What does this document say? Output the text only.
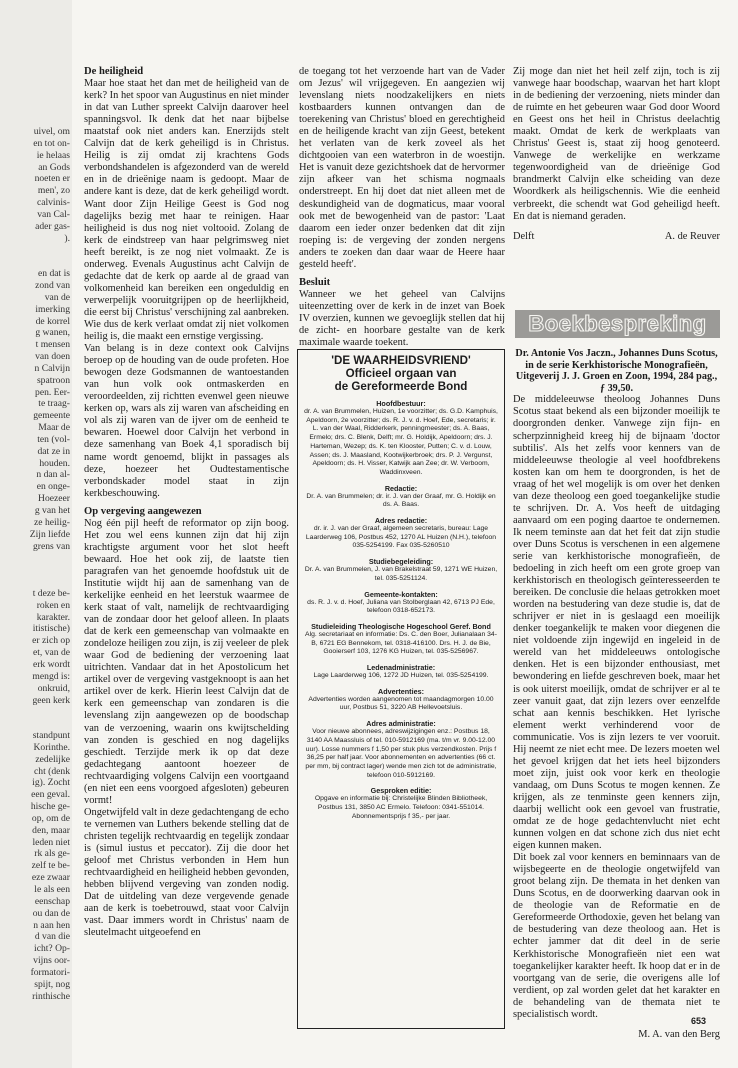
uivel, om
en tot on-
ie helaas
an Gods
noeten er
men', zo
calvinis-
van Cal-
ader gas-
).

en dat is
zond van
van de
imerking
de korrel
g wanen,
t mensen
van doen
n Calvijn
spatroon
pen. Eer-
te traag-
gemeente
Maar de
ten (vol-
dat ze in
houden.
n dan al-
en onge-
Hoezeer
g van het
ze heilig-
Zijn liefde
grens van

t deze be-
roken en
karakter.
itistische)
er zich op
et, van de
erk wordt
mengd is:
onkruid,
geen kerk

standpunt
Korinthe.
zedelijke
cht (denk
ig). Zocht
een geval.
hische ge-
op, om de
den, maar
leden niet
rk als ge-
zelf te be-
eze zwaar
le als een
eenschap
ou dan de
n aan hen
d van die
icht? Op-
vijns oor-
formatori-
spijt, nog
rinthische
De heiligheid

Maar hoe staat het dan met de heiligheid van de kerk? In het spoor van Augustinus en niet minder in dat van Luther spreekt Calvijn daarover heel spanningsvol. Ik denk dat het naar bijbelse maatstaf ook niet anders kan. Enerzijds stelt Calvijn dat de kerk geheiligd is in Christus. Heilig is zij omdat zij krachtens Gods verbondshandelen is afgezonderd van de wereld en in de drieënige naam is gedoopt. Maar de andere kant is deze, dat de kerk geheiligd wordt. Want door Zijn Heilige Geest is God nog dagelijks bezig met haar te reinigen. Haar heiligheid is dus nog niet voltooid. Zolang de kerk de eindstreep van haar pelgrimsweg niet heeft bereikt, is ze nog niet volmaakt. Ze is onderweg. Evenals Augustinus acht Calvijn de gedachte dat de kerk op aarde al de graad van volkomenheid kan bereiken een ongeduldig en verwerpelijk vooruitgrijpen op de heerlijkheid, die eerst bij Christus' verschijning zal aanbreken. Wie dus de kerk verlaat omdat zij niet volkomen heilig is, die maakt een ernstige vergissing.

Van belang is in deze context ook Calvijns beroep op de houding van de oude profeten. Hoe bewogen deze Godsmannen de wantoestanden van hun volk ook ontmaskerden en veroordeelden, zij richtten evenwel geen nieuwe kerken op, wars als zij waren van afscheiding en vol als zij waren van de ijver om de eenheid te bewaren. Hoewel door Calvijn het verbond in deze samenhang van Boek 4,1 sporadisch bij name wordt genoemd, blijkt in passages als deze, hoezeer het Oudtestamentische verbondskader model staat in zijn kerkbeschouwing.

Op vergeving aangewezen

Nog één pijl heeft de reformator op zijn boog. Het zou wel eens kunnen zijn dat hij zijn krachtigste argument voor het slot heeft bewaard. Hoe het ook zij, de laatste tien paragrafen van het genoemde hoofdstuk uit de Institutie wijdt hij aan de samenhang van de kerkelijke eenheid en het leerstuk waarmee de kerk staat of valt, namelijk de rechtvaardiging van de zondaar door het geloof alleen. In plaats dat de kerk een gemeenschap van volmaakte en zondeloze heiligen zou zijn, is zij veeleer de plek waar God de bediening der verzoening laat uitrichten. Vandaar dat in het Apostolicum het artikel over de vergeving vastgeknoopt is aan het artikel over de kerk. Hierin leest Calvijn dat de kerk een gemeenschap van zondaren is die levenslang zijn aangewezen op de boodschap van de verzoening, waarin ons kwijtschelding van zonden is geschied en nog dagelijks geschiedt. Terzijde merk ik op dat deze gedachtegang aantoont hoezeer de rechtvaardiging volgens Calvijn een voortgaand (en niet een eens voorgoed afgesloten) gebeuren vormt!

Ongetwijfeld valt in deze gedachtengang de echo te vernemen van Luthers bekende stelling dat de christen tegelijk rechtvaardig en tegelijk zondaar is (simul iustus et peccator). Zij die door het geloof met Christus verbonden in Hem hun rechtvaardigheid en heiligheid hebben gevonden, hebben blijvend vergeving van zonden nodig. Dat de uitdeling van deze vergevende genade aan de kerk is toebetrouwd, staat voor Calvijn vast. Daar immers wordt in Christus' naam de sleutelmacht uitgeoefend en

de toegang tot het verzoende hart van de Vader om Jezus' wil vrijgegeven. En aangezien wij levenslang niets noodzakelijkers en niets kostbaarders kunnen ontvangen dan de toerekening van Christus' bloed en gerechtigheid en de heiligende kracht van zijn Geest, betekent het verlaten van de kerk zoveel als het dichtgooien van een waterbron in de woestijn. Het is vanuit deze gezichtshoek dat de hervormer zijn afkeer van het schisma nogmaals onderstreept. En hij doet dat niet alleen met de deskundigheid van de dogmaticus, maar vooral ook met de bewogenheid van de pastor: 'Laat daarom een ieder onzer bedenken dat dit zijn roeping is: de vergeving der zonden nergens anders te zoeken dan daar waar de Heere haar gesteld heeft'.

Besluit

Wanneer we het geheel van Calvijns uiteenzetting over de kerk in de inzet van Boek IV overzien, kunnen we gevoeglijk stellen dat hij de zicht- en hoorbare gestalte van de kerk maximale waarde toekent.

'DE WAARHEIDSVRIEND'
Officieel orgaan van
de Gereformeerde Bond
Hoofdbestuur:
dr. A. van Brummelen, Huizen, 1e voorzitter; ds. G.D. Kamphuis, Apeldoorn, 2e voorzitter; ds. R. J. v. d. Hoef, Ede, secretaris; ir. L. van der Waal, Ridderkerk, penningmeester; ds. A. Baas, Ermelo; drs. C. Blenk, Delft; mr. G. Holdijk, Apeldoorn; drs. J. Harteman, Wezep; ds. K. ten Klooster, Putten; C. v. d. Louw, Assen; ds. J. Maasland, Kootwijkerbroek; drs. P. J. Vergunst, Apeldoorn; ds. H. Visser, Katwijk aan Zee; dr. W. Verboom, Waddinxveen.
Redactie:
Dr. A. van Brummelen; dr. ir. J. van der Graaf, mr. G. Holdijk en ds. A. Baas.
Adres redactie:
dr. ir. J. van der Graaf, algemeen secretaris, bureau: Lage Laarderweg 106, Postbus 452, 1270 AL Huizen (N.H.), telefoon 035-5254199. Fax 035-5260510
Studiebegeleiding:
Dr. A. van Brummelen, J. van Brakelstraat 59, 1271 WE Huizen, tel. 035-5251124.
Gemeente-kontakten:
ds. R. J. v. d. Hoef, Juliana van Stolberglaan 42, 6713 PJ Ede, telefoon 0318-652173.
Studieleiding Theologische Hogeschool Geref. Bond
Alg. secretariaat en informatie: Ds. C. den Boer, Julianalaan 34-B, 6721 EG Bennekom, tel. 0318-416100. Drs. H. J. de Bie, Gooierserf 103, 1276 KG Huizen, tel. 035-5256967.
Ledenadministratie:
Lage Laarderweg 106, 1272 JD Huizen, tel. 035-5254199.
Advertenties:
Advertenties worden aangenomen tot maandagmorgen 10.00 uur, Postbus 51, 3220 AB Hellevoetsluis.
Adres administratie:
Voor nieuwe abonnees, adreswijzigingen enz.: Postbus 18, 3140 AA Maassluis of tel. 010-5912169 (ma. t/m vr. 9.00-12.00 uur). Losse nummers f 1,50 per stuk plus verzendkosten. Prijs f 36,25 per half jaar. Voor abonnementen en advertenties (66 ct. per mm, bij contract lager) wende men zich tot de administratie, telefoon 010-5912169.
Gesproken editie:
Opgave en informatie bij: Christelijke Blinden Bibliotheek, Postbus 131, 3850 AC Ermelo. Telefoon: 0341-551014. Abonnementsprijs f 35,- per jaar.

Zij moge dan niet het heil zelf zijn, toch is zij vanwege haar boodschap, waarvan het hart klopt in de bediening der verzoening, niets minder dan de ruimte en het gebeuren waar God door Woord en Geest ons het heil in Christus deelachtig maakt. Omdat de kerk de werkplaats van Christus' Geest is, staat zij hoog genoteerd. Vanwege de werkelijke en werkzame tegenwoordigheid van de drieënige God brandmerkt Calvijn elke scheiding van deze Woordkerk als heiligschennis. Wie die eenheid verbreekt, die schendt wat God geheiligd heeft. En dat is niemand geraden.

Delft	A. de Reuver
Boekbespreking
Dr. Antonie Vos Jaczn., Johannes Duns Scotus, in de serie Kerkhistorische Monografieën, Uitgeverij J. J. Groen en Zoon, 1994, 284 pag., ƒ 39,50.

De middeleeuwse theoloog Johannes Duns Scotus staat bekend als een bijzonder moeilijk te doorgronden denker. Vanwege zijn fijn- en scherpzinnigheid kreeg hij de bijnaam 'doctor subtilis'. Als het zelfs voor kenners van de middeleeuwse theologie al veel hoofdbrekens kosten kan om hem te doorgronden, is het de vraag of het wel mogelijk is om over het denken van deze theoloog een goed toegankelijke studie te schrijven. Dr. A. Vos heeft de uitdaging aanvaard om een poging daartoe te ondernemen. Ik neem teminste aan dat het feit dat zijn studie over Duns Scotus is verschenen in een algemene serie van kerkhistorische monografieën, de bedoeling in zich heeft om een grote groep van kerkhistorisch en theologisch geïnteresseerden te bereiken. De conclusie die helaas getrokken moet worden na bestudering van deze studie is, dat de schrijver er niet in is geslaagd een moeilijk denker toegankelijk te maken voor diegenen die niet voldoende zijn ingewijd en ingeleid in de wereld van het middeleeuws ontologische denken. Het is een bijzonder enthousiast, met bewondering en liefde geschreven boek, maar het is ook uiterst moeilijk, omdat de schrijver er al te zeer vanuit gaat, dat zijn lezers over eenzelfde schat aan kennis beschikken. Het lyrische element werkt verhinderend voor de communicatie. Vos is zijn lezers te ver vooruit. Hij neemt ze niet echt mee. De lezers moeten wel het gevoel krijgen dat het iets heel bijzonders moet zijn, juist ook voor kerk en theologie vandaag, om Duns Scotus te mogen kennen. Ze krijgen, als ze tenminste geen kenners zijn, daarbij wellicht ook een gevoel van frustratie, omdat ze de hoge gedachtenvlucht niet echt kunnen volgen en dat schone zich dus niet echt eigen kunnen maken.

Dit boek zal voor kenners en beminnaars van de wijsbegeerte en de theologie ongetwijfeld van groot belang zijn. De themata in het denken van Duns Scotus, en de doorwerking daarvan ook in de theologie van de Reformatie en de Gereformeerde Orthodoxie, geven het belang van de bestudering van deze theoloog aan. Het is echter jammer dat dit deel in de serie Kerkhistorische Monografieën niet een wat toegankelijker karakter heeft. Ik hoop dat er in de voortgang van de serie, die overigens alle lof verdient, op zal worden gelet dat het karakter en de behandeling van de themata niet te specialistisch wordt.

M. A. van den Berg
653
